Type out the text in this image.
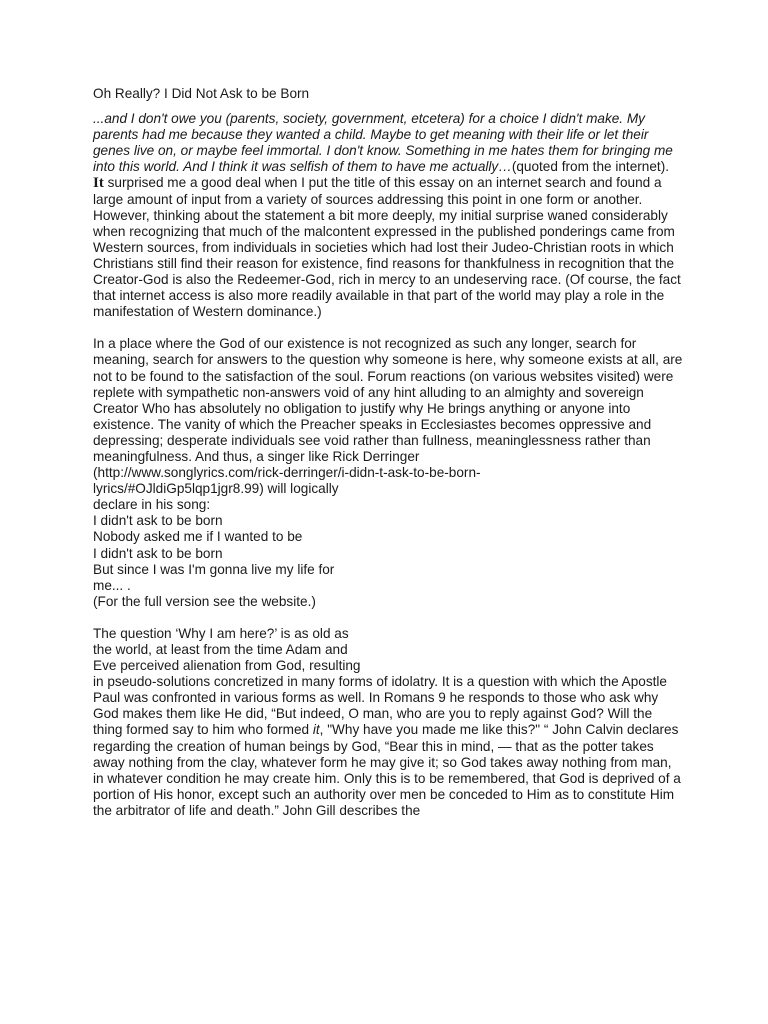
Oh Really? I Did Not Ask to be Born

...and I don't owe you (parents, society, government, etcetera) for a choice I didn't make. My parents had me because they wanted a child. Maybe to get meaning with their life or let their genes live on, or maybe feel immortal. I don't know. Something in me hates them for bringing me into this world. And I think it was selfish of them to have me actually…(quoted from the internet). It surprised me a good deal when I put the title of this essay on an internet search and found a large amount of input from a variety of sources addressing this point in one form or another. However, thinking about the statement a bit more deeply, my initial surprise waned considerably when recognizing that much of the malcontent expressed in the published ponderings came from Western sources, from individuals in societies which had lost their Judeo-Christian roots in which Christians still find their reason for existence, find reasons for thankfulness in recognition that the Creator-God is also the Redeemer-God, rich in mercy to an undeserving race. (Of course, the fact that internet access is also more readily available in that part of the world may play a role in the manifestation of Western dominance.)

In a place where the God of our existence is not recognized as such any longer, search for meaning, search for answers to the question why someone is here, why someone exists at all, are not to be found to the satisfaction of the soul. Forum reactions (on various websites visited) were replete with sympathetic non-answers void of any hint alluding to an almighty and sovereign Creator Who has absolutely no obligation to justify why He brings anything or anyone into existence. The vanity of which the Preacher speaks in Ecclesiastes becomes oppressive and depressing; desperate individuals see void rather than fullness, meaninglessness rather than meaningfulness. And thus, a singer like Rick Derringer
(http://www.songlyrics.com/rick-derringer/i-didn-t-ask-to-be-born-
lyrics/#OJldiGp5lqp1jgr8.99) will logically
declare in his song:
I didn't ask to be born
Nobody asked me if I wanted to be
I didn't ask to be born
But since I was I'm gonna live my life for
me... .
(For the full version see the website.)

The question ‘Why I am here?’ is as old as
the world, at least from the time Adam and
Eve perceived alienation from God, resulting
in pseudo-solutions concretized in many forms of idolatry. It is a question with which the Apostle Paul was confronted in various forms as well. In Romans 9 he responds to those who ask why God makes them like He did, “But indeed, O man, who are you to reply against God? Will the thing formed say to him who formed it, "Why have you made me like this?" “ John Calvin declares regarding the creation of human beings by God, “Bear this in mind, — that as the potter takes away nothing from the clay, whatever form he may give it; so God takes away nothing from man, in whatever condition he may create him. Only this is to be remembered, that God is deprived of a portion of His honor, except such an authority over men be conceded to Him as to constitute Him the arbitrator of life and death.” John Gill describes the
